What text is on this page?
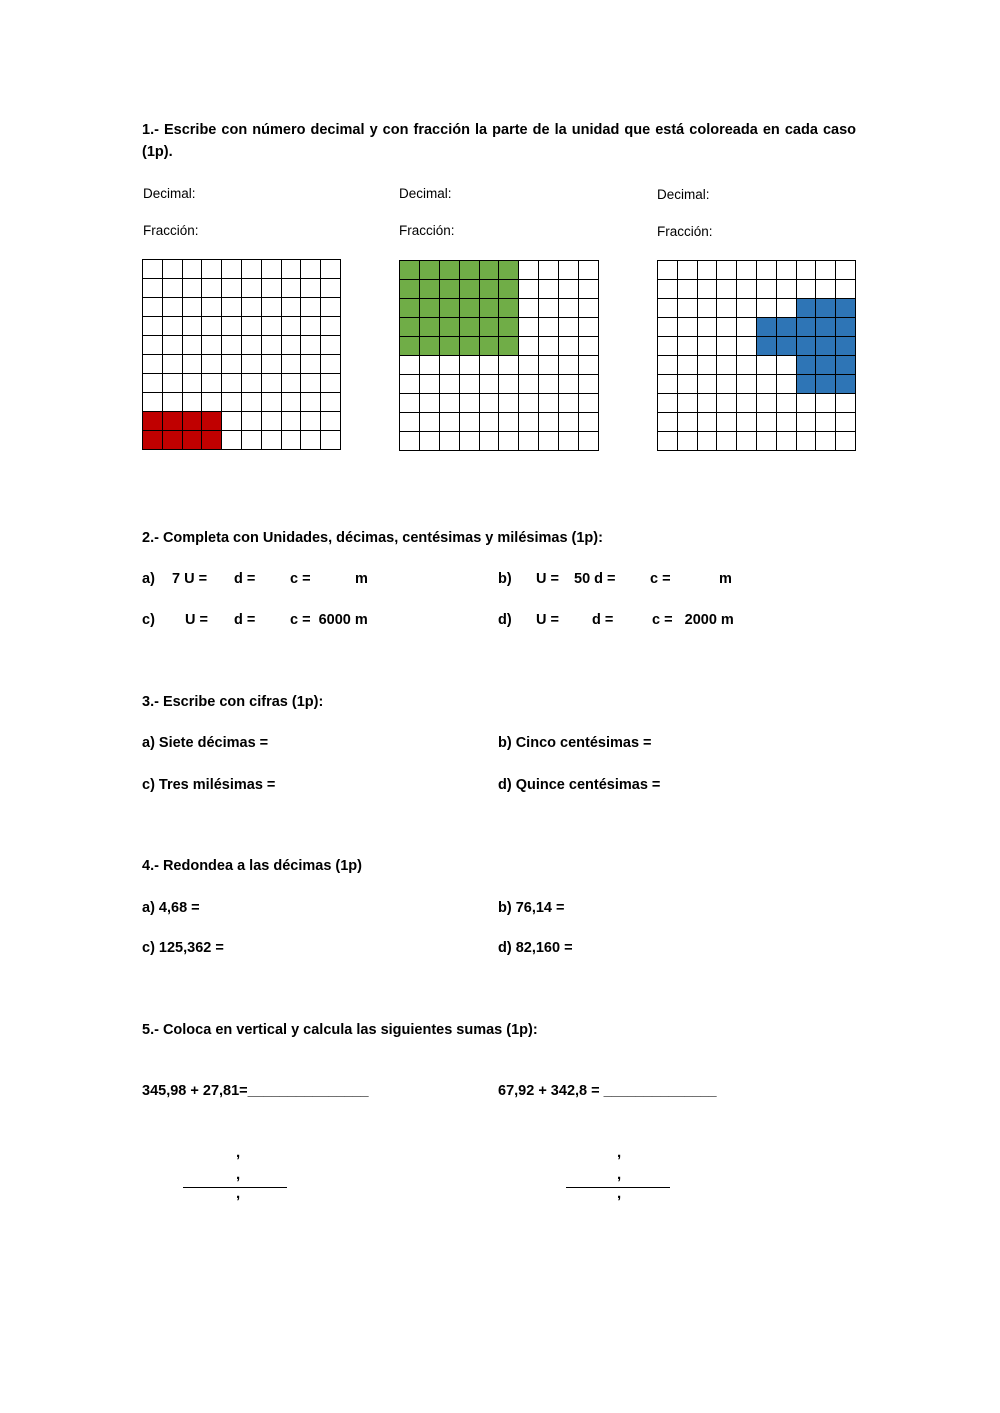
1.- Escribe con número decimal y con fracción la parte de la unidad que está coloreada en cada caso (1p).
Decimal:
Fracción:
Decimal:
Fracción:
Decimal:
Fracción:
2.- Completa con Unidades, décimas, centésimas y milésimas (1p):
a) 7 U = d = c =	m	b) U = 50 d = c =	m
c) U = d = c =  6000 m	d) U = d =	c =   2000 m
3.- Escribe con cifras (1p):
a) Siete décimas =	b) Cinco centésimas =
c) Tres milésimas =	d) Quince centésimas =
4.- Redondea a las décimas (1p)
a) 4,68 =	b) 76,14 =
c) 125,362 =	d) 82,160 =
5.- Coloca en vertical y calcula las siguientes sumas (1p):
345,98 + 27,81=_______________	67,92 + 342,8 = ______________
,
,
,
,
,
,
